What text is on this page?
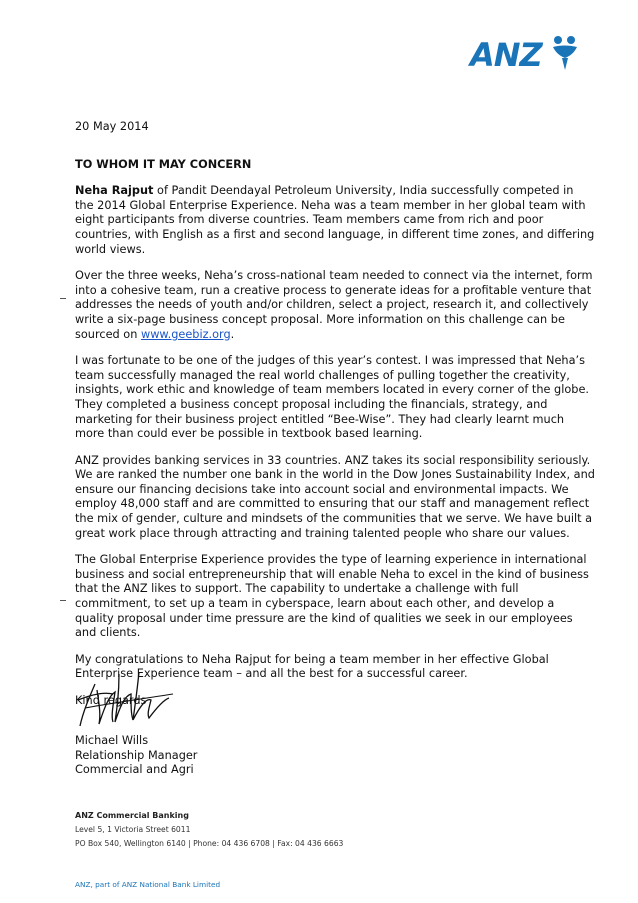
ANZ

20 May 2014

TO WHOM IT MAY CONCERN

Neha Rajput of Pandit Deendayal Petroleum University, India successfully competed in the 2014 Global Enterprise Experience. Neha was a team member in her global team with eight participants from diverse countries. Team members came from rich and poor countries, with English as a first and second language, in different time zones, and differing world views.

Over the three weeks, Neha’s cross-national team needed to connect via the internet, form into a cohesive team, run a creative process to generate ideas for a profitable venture that addresses the needs of youth and/or children, select a project, research it, and collectively write a six-page business concept proposal. More information on this challenge can be sourced on www.geebiz.org.

I was fortunate to be one of the judges of this year’s contest. I was impressed that Neha’s team successfully managed the real world challenges of pulling together the creativity, insights, work ethic and knowledge of team members located in every corner of the globe. They completed a business concept proposal including the financials, strategy, and marketing for their business project entitled “Bee-Wise”. They had clearly learnt much more than could ever be possible in textbook based learning.

ANZ provides banking services in 33 countries. ANZ takes its social responsibility seriously. We are ranked the number one bank in the world in the Dow Jones Sustainability Index, and ensure our financing decisions take into account social and environmental impacts. We employ 48,000 staff and are committed to ensuring that our staff and management reflect the mix of gender, culture and mindsets of the communities that we serve. We have built a great work place through attracting and training talented people who share our values.

The Global Enterprise Experience provides the type of learning experience in international business and social entrepreneurship that will enable Neha to excel in the kind of business that the ANZ likes to support. The capability to undertake a challenge with full commitment, to set up a team in cyberspace, learn about each other, and develop a quality proposal under time pressure are the kind of qualities we seek in our employees and clients.

My congratulations to Neha Rajput for being a team member in her effective Global Enterprise Experience team – and all the best for a successful career.

Kind regards

Michael Wills
Relationship Manager
Commercial and Agri
ANZ Commercial Banking
Level 5, 1 Victoria Street 6011
PO Box 540, Wellington 6140 | Phone: 04 436 6708 | Fax: 04 436 6663
ANZ, part of ANZ National Bank Limited
